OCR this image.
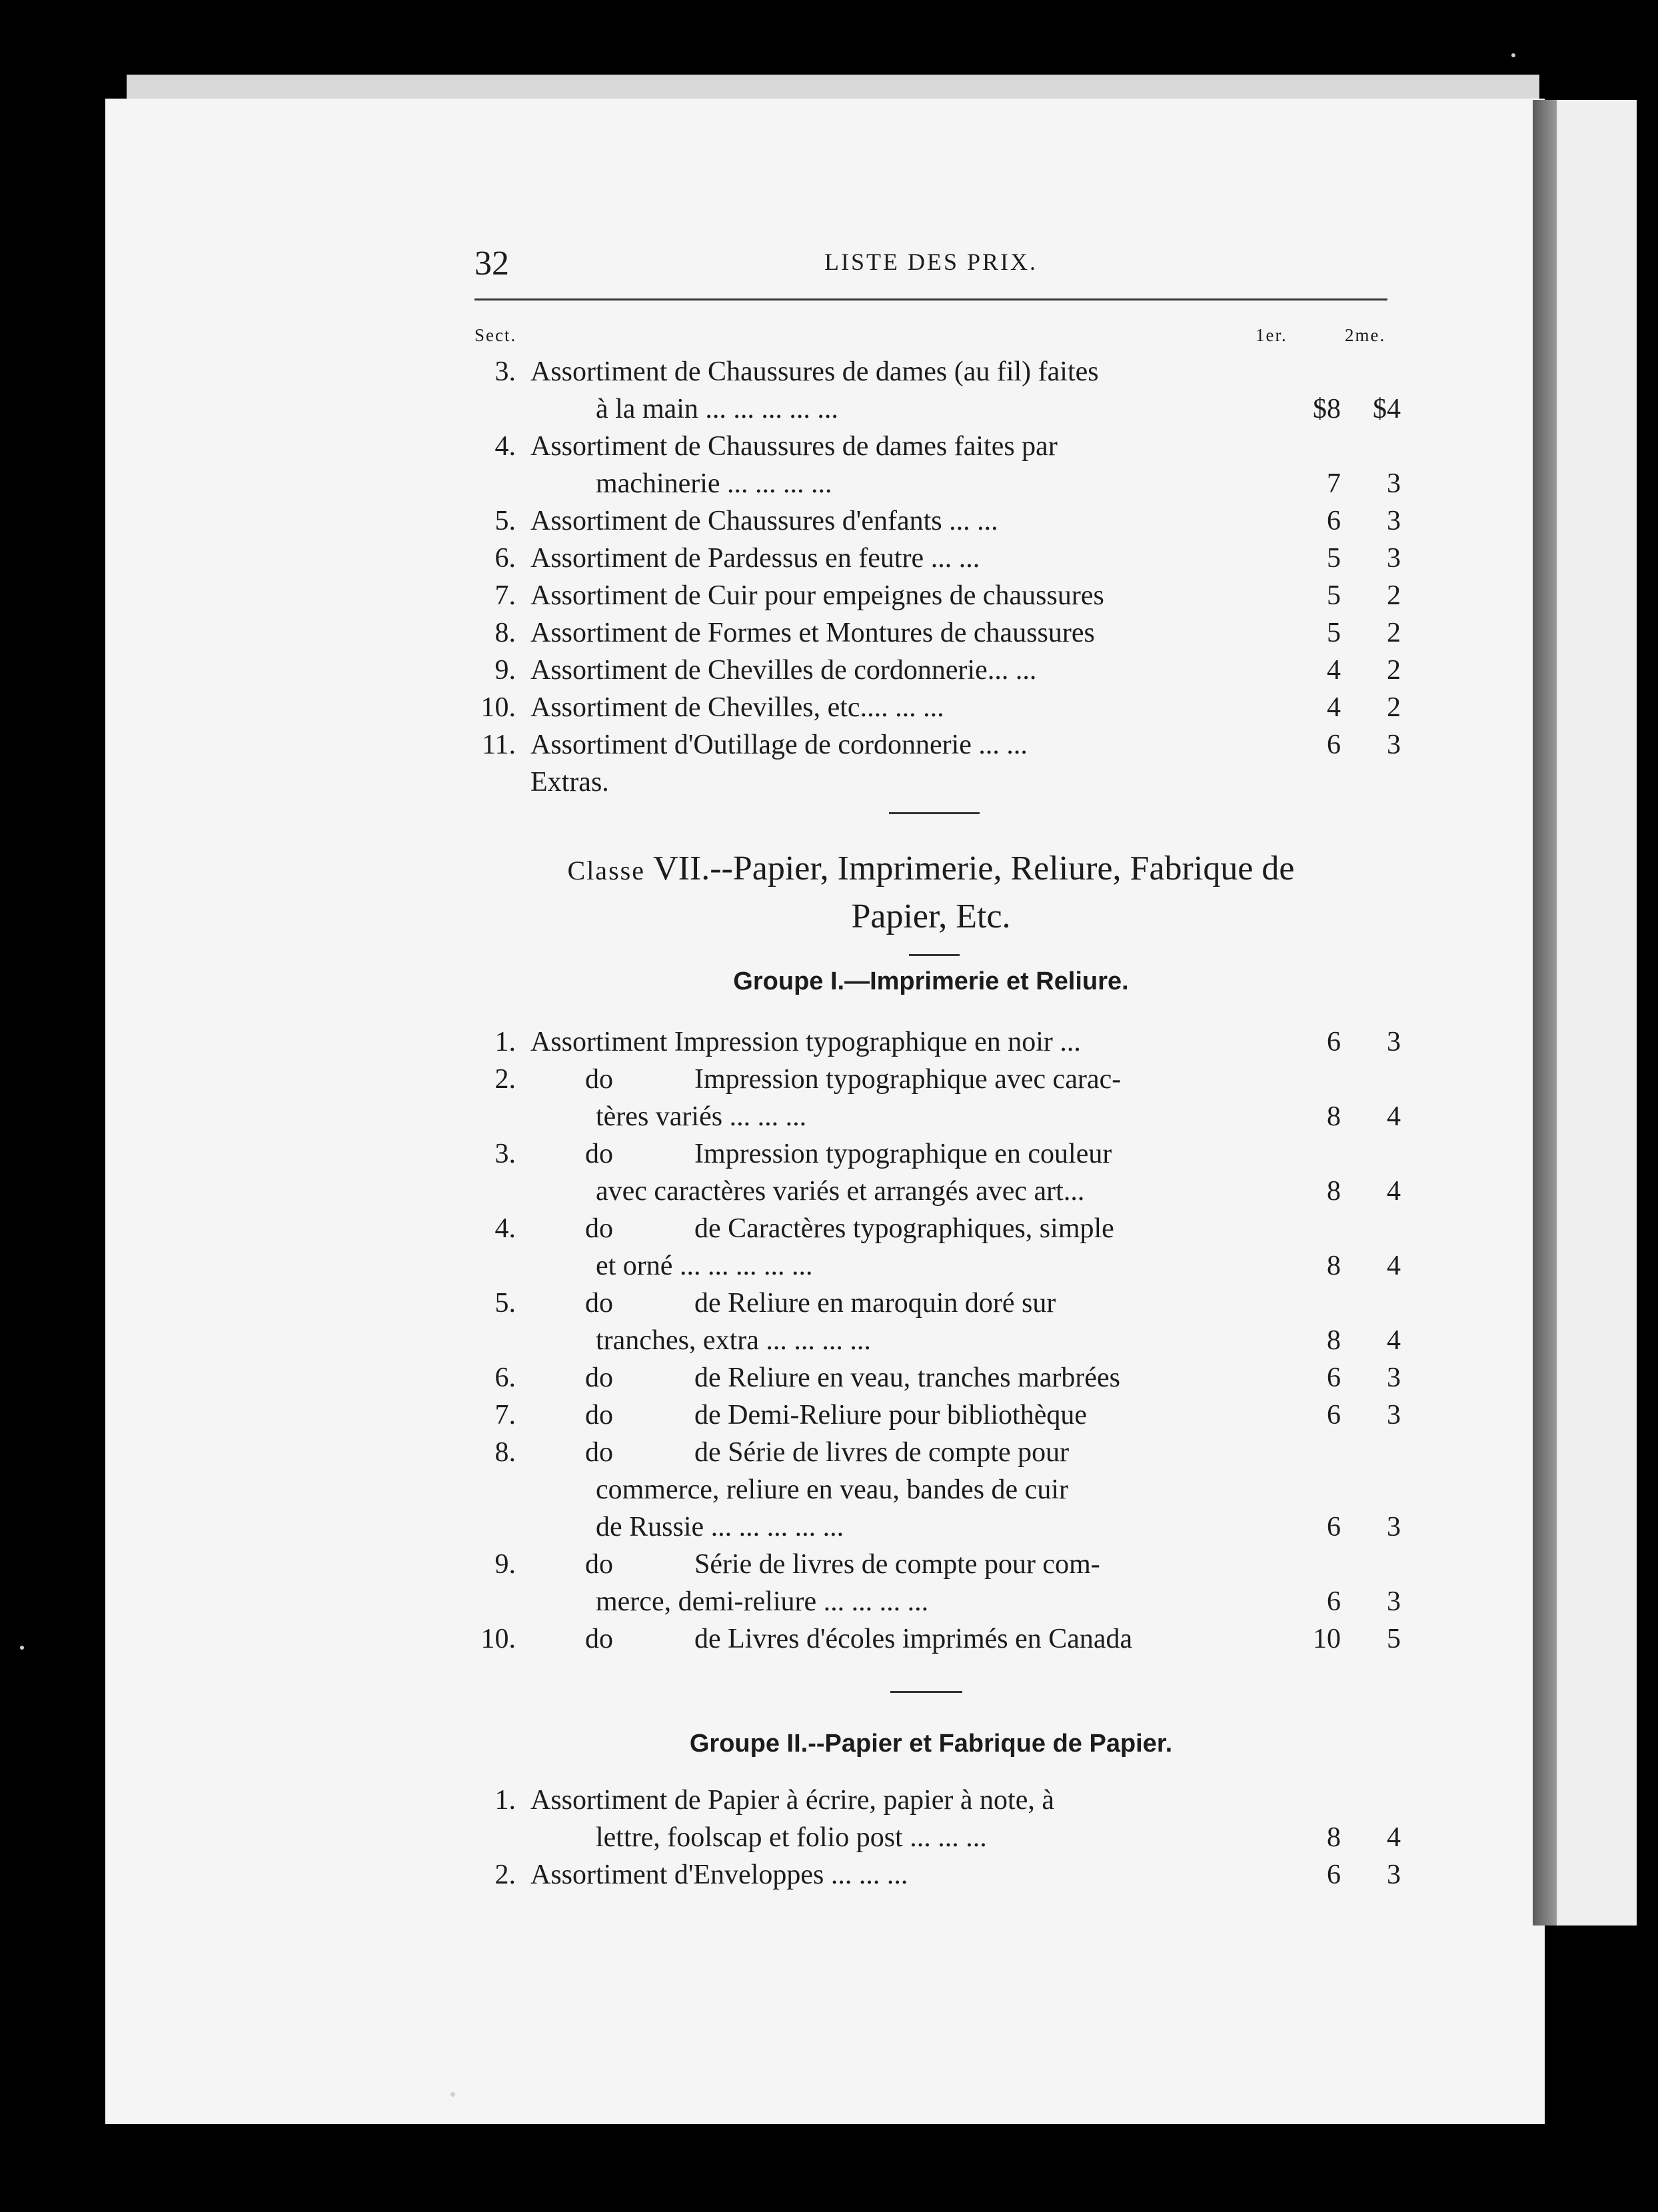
32	LISTE DES PRIX.
Sect.	1er.	2me.
3. Assortiment de Chaussures de dames (au fil) faites
à la main ... ... ... ... ...	$8	$4
4. Assortiment de Chaussures de dames faites par
machinerie ... ... ... ...	7	3
5. Assortiment de Chaussures d'enfants ... ...	6	3
6. Assortiment de Pardessus en feutre ... ...	5	3
7. Assortiment de Cuir pour empeignes de chaussures	5	2
8. Assortiment de Formes et Montures de chaussures	5	2
9. Assortiment de Chevilles de cordonnerie... ...	4	2
10. Assortiment de Chevilles, etc.... ... ...	4	2
11. Assortiment d'Outillage de cordonnerie ... ...	6	3
Extras.
Classe VII.--Papier, Imprimerie, Reliure, Fabrique de
Papier, Etc.
Groupe I.—Imprimerie et Reliure.
1. Assortiment Impression typographique en noir ...	6	3
2. do	Impression typographique avec carac-
tères variés ... ... ...	8	4
3. do	Impression typographique en couleur
avec caractères variés et arrangés avec art...	8	4
4. do	de Caractères typographiques, simple
et orné ... ... ... ... ...	8	4
5. do	de Reliure en maroquin doré sur
tranches, extra ... ... ... ...	8	4
6. do	de Reliure en veau, tranches marbrées	6	3
7. do	de Demi-Reliure pour bibliothèque	6	3
8. do	de Série de livres de compte pour
commerce, reliure en veau, bandes de cuir
de Russie ... ... ... ... ...	6	3
9. do	Série de livres de compte pour com-
merce, demi-reliure ... ... ... ...	6	3
10. do	de Livres d'écoles imprimés en Canada	10	5
Groupe II.--Papier et Fabrique de Papier.
1. Assortiment de Papier à écrire, papier à note, à
lettre, foolscap et folio post ... ... ...	8	4
2. Assortiment d'Enveloppes ... ... ...	6	3
